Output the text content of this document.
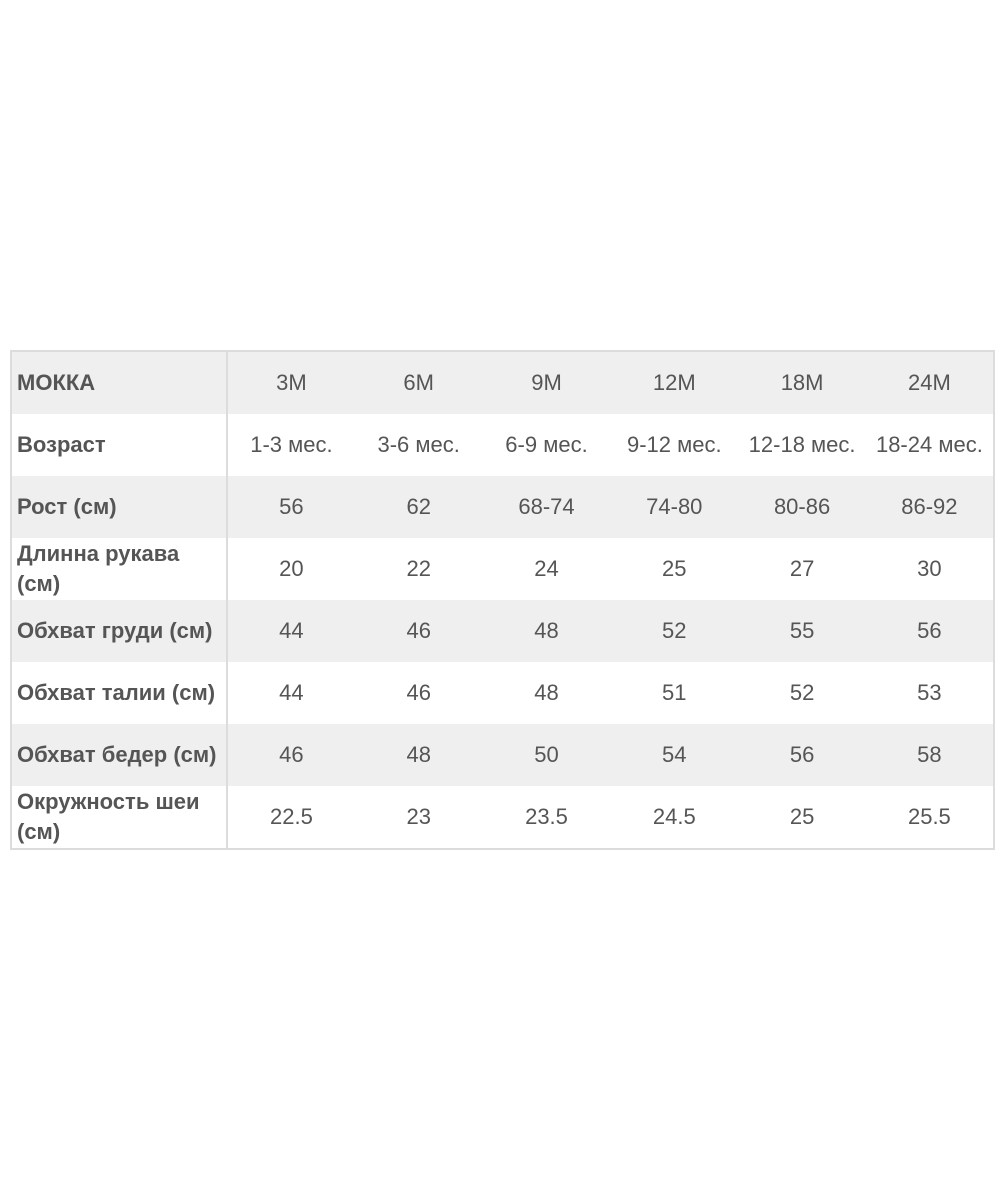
МОККА	3M	6M	9M	12M	18M	24M
Возраст	1-3 мес.	3-6 мес.	6-9 мес.	9-12 мес.	12-18 мес.	18-24 мес.
Рост (см)	56	62	68-74	74-80	80-86	86-92
Длинна рукава (см)	20	22	24	25	27	30
Обхват груди (см)	44	46	48	52	55	56
Обхват талии (см)	44	46	48	51	52	53
Обхват бедер (см)	46	48	50	54	56	58
Окружность шеи (см)	22.5	23	23.5	24.5	25	25.5
